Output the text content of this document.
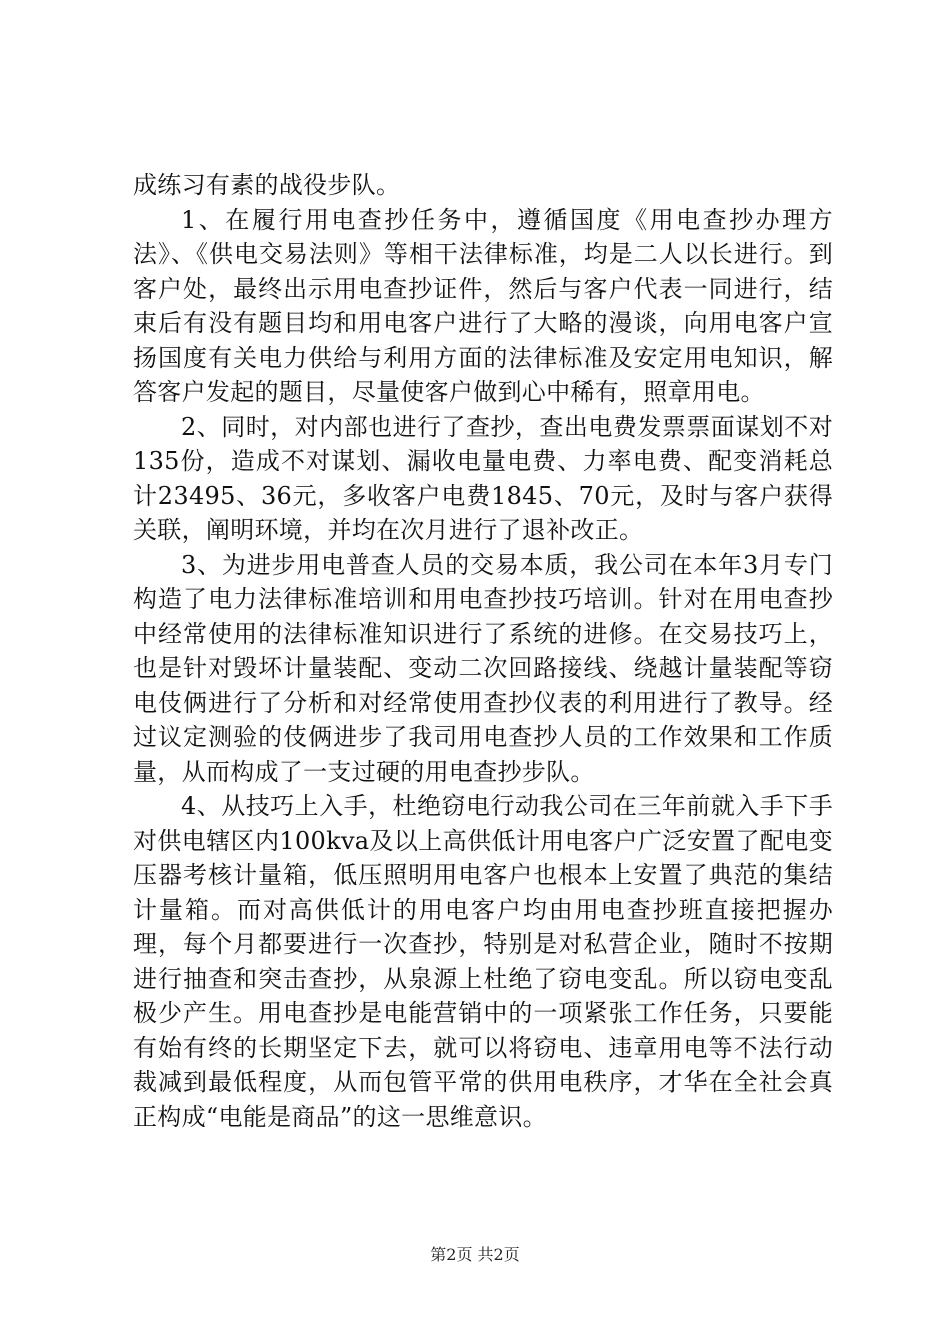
成练习有素的战役步队。

1、在履行用电查抄任务中，遵循国度《用电查抄办理方法》、《供电交易法则》等相干法律标准，均是二人以长进行。到客户处，最终出示用电查抄证件，然后与客户代表一同进行，结束后有没有题目均和用电客户进行了大略的漫谈，向用电客户宣扬国度有关电力供给与利用方面的法律标准及安定用电知识，解答客户发起的题目，尽量使客户做到心中稀有，照章用电。

2、同时，对内部也进行了查抄，查出电费发票票面谋划不对135份，造成不对谋划、漏收电量电费、力率电费、配变消耗总计23495、36元，多收客户电费1845、70元，及时与客户获得关联，阐明环境，并均在次月进行了退补改正。

3、为进步用电普查人员的交易本质，我公司在本年3月专门构造了电力法律标准培训和用电查抄技巧培训。针对在用电查抄中经常使用的法律标准知识进行了系统的进修。在交易技巧上，也是针对毁坏计量装配、变动二次回路接线、绕越计量装配等窃电伎俩进行了分析和对经常使用查抄仪表的利用进行了教导。经过议定测验的伎俩进步了我司用电查抄人员的工作效果和工作质量，从而构成了一支过硬的用电查抄步队。

4、从技巧上入手，杜绝窃电行动我公司在三年前就入手下手对供电辖区内100kva及以上高供低计用电客户广泛安置了配电变压器考核计量箱，低压照明用电客户也根本上安置了典范的集结计量箱。而对高供低计的用电客户均由用电查抄班直接把握办理，每个月都要进行一次查抄，特别是对私营企业，随时不按期进行抽查和突击查抄，从泉源上杜绝了窃电变乱。所以窃电变乱极少产生。用电查抄是电能营销中的一项紧张工作任务，只要能有始有终的长期坚定下去，就可以将窃电、违章用电等不法行动裁减到最低程度，从而包管平常的供用电秩序，才华在全社会真正构成“电能是商品”的这一思维意识。

第2页 共2页
